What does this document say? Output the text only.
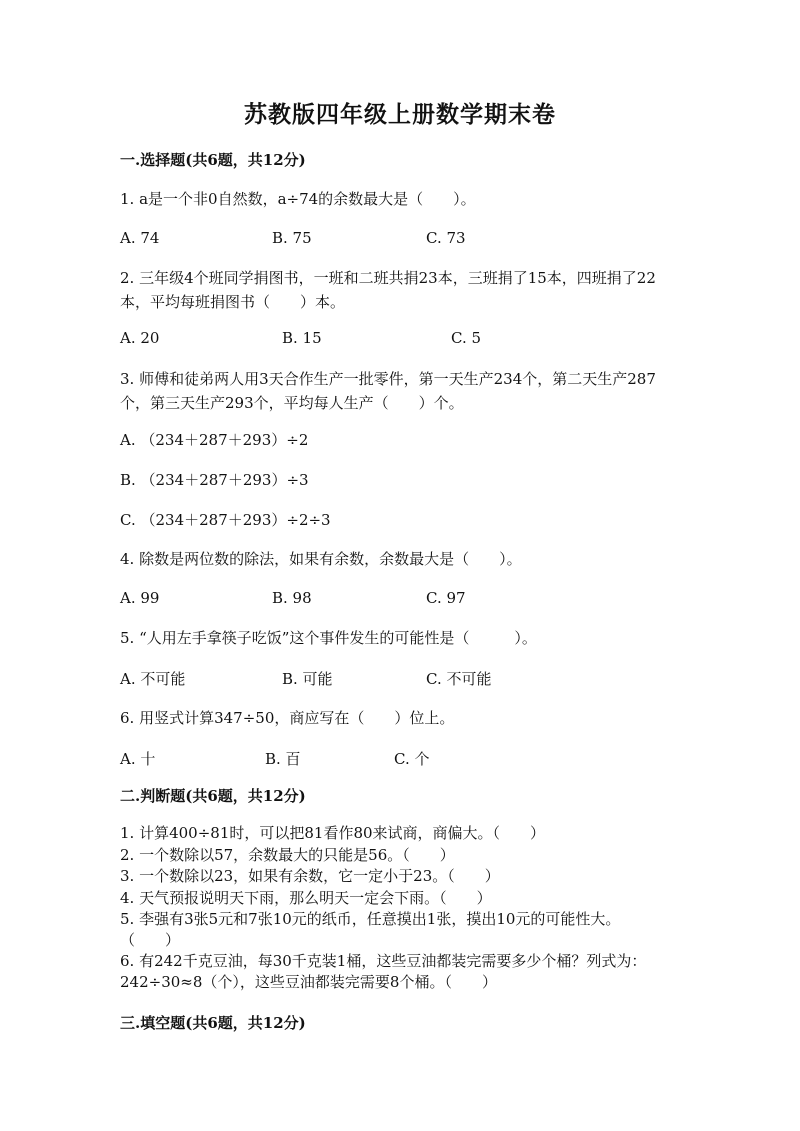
苏教版四年级上册数学期末卷
一.选择题(共6题，共12分)
1. a是一个非0自然数，a÷74的余数最大是（　　）。
A. 74	B. 75	C. 73
2. 三年级4个班同学捐图书，一班和二班共捐23本，三班捐了15本，四班捐了22本，平均每班捐图书（　　）本。
A. 20	B. 15	C. 5
3. 师傅和徒弟两人用3天合作生产一批零件，第一天生产234个，第二天生产287个，第三天生产293个，平均每人生产（　　）个。
A. （234＋287＋293）÷2
B. （234＋287＋293）÷3
C. （234＋287＋293）÷2÷3
4. 除数是两位数的除法，如果有余数，余数最大是（　　）。
A. 99	B. 98	C. 97
5. “人用左手拿筷子吃饭”这个事件发生的可能性是（　　　）。
A. 不可能	B. 可能	C. 不可能
6. 用竖式计算347÷50，商应写在（　　）位上。
A. 十	B. 百	C. 个
二.判断题(共6题，共12分)
1. 计算400÷81时，可以把81看作80来试商，商偏大。（　　）
2. 一个数除以57，余数最大的只能是56。（　　）
3. 一个数除以23，如果有余数，它一定小于23。（　　）
4. 天气预报说明天下雨，那么明天一定会下雨。（　　）
5. 李强有3张5元和7张10元的纸币，任意摸出1张，摸出10元的可能性大。　　（　　）
6. 有242千克豆油，每30千克装1桶，这些豆油都装完需要多少个桶？列式为：242÷30≈8（个），这些豆油都装完需要8个桶。（　　）
三.填空题(共6题，共12分)
